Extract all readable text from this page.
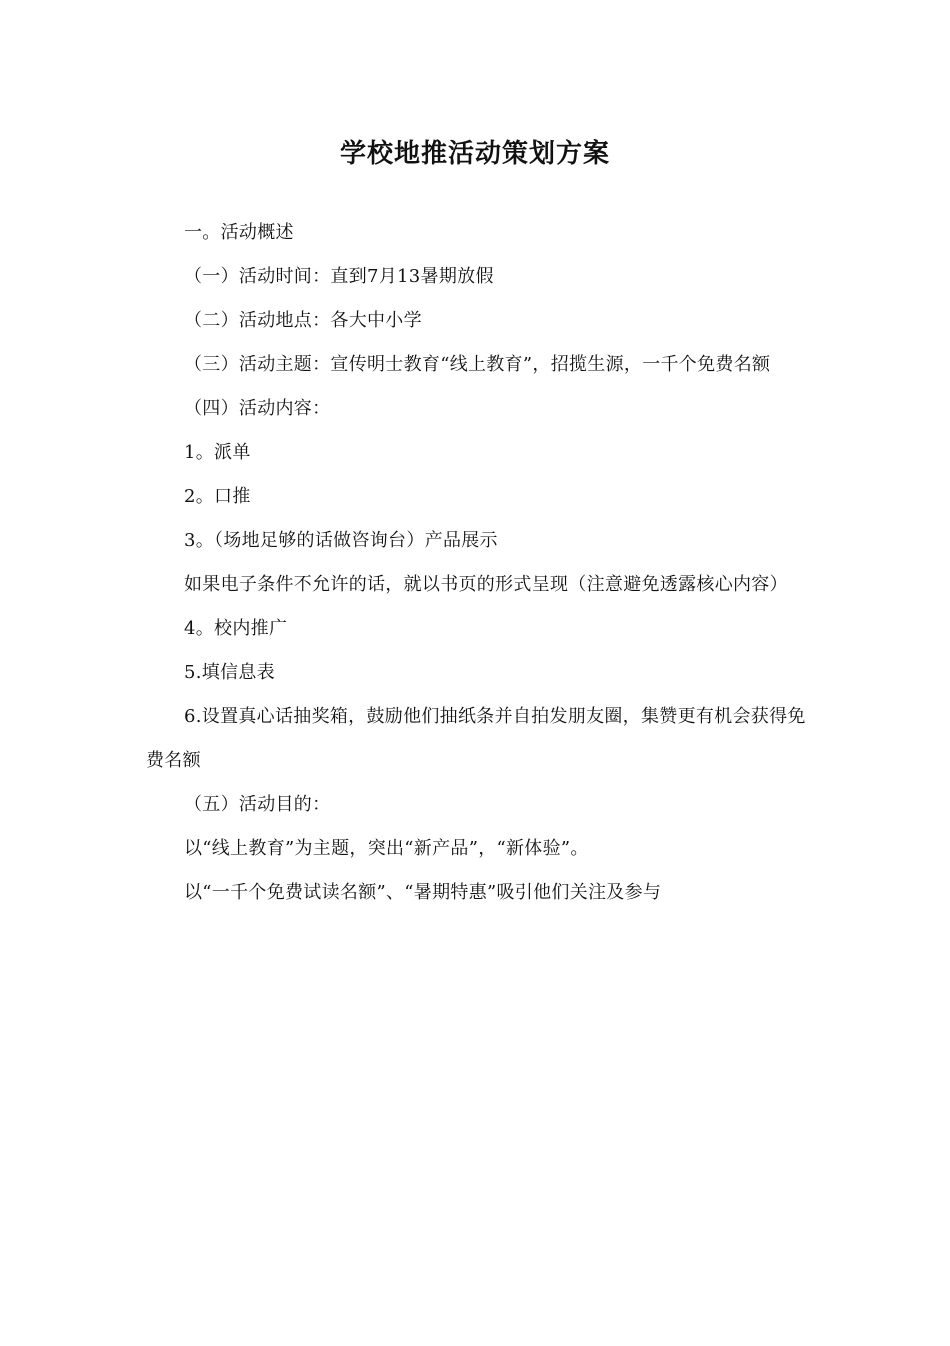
学校地推活动策划方案

一。活动概述

（一）活动时间：直到7月13暑期放假

（二）活动地点：各大中小学

（三）活动主题：宣传明士教育“线上教育”，招揽生源，一千个免费名额

（四）活动内容：

1。派单

2。口推

3。（场地足够的话做咨询台）产品展示

如果电子条件不允许的话，就以书页的形式呈现（注意避免透露核心内容）

4。校内推广

5.填信息表

6.设置真心话抽奖箱，鼓励他们抽纸条并自拍发朋友圈，集赞更有机会获得免费名额

（五）活动目的：

以“线上教育”为主题，突出“新产品”，“新体验”。

以“一千个免费试读名额”、“暑期特惠”吸引他们关注及参与
